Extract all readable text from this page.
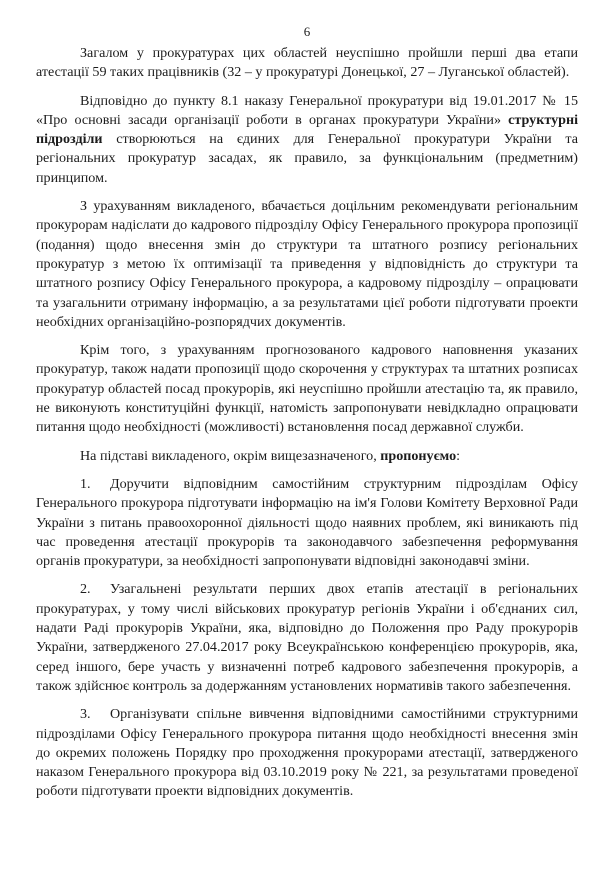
6

Загалом у прокуратурах цих областей неуспішно пройшли перші два етапи атестації 59 таких працівників (32 – у прокуратурі Донецької, 27 – Луганської областей).

Відповідно до пункту 8.1 наказу Генеральної прокуратури від 19.01.2017 № 15 «Про основні засади організації роботи в органах прокуратури України» структурні підрозділи створюються на єдиних для Генеральної прокуратури України та регіональних прокуратур засадах, як правило, за функціональним (предметним) принципом.

З урахуванням викладеного, вбачається доцільним рекомендувати регіональним прокурорам надіслати до кадрового підрозділу Офісу Генерального прокурора пропозиції (подання) щодо внесення змін до структури та штатного розпису регіональних прокуратур з метою їх оптимізації та приведення у відповідність до структури та штатного розпису Офісу Генерального прокурора, а кадровому підрозділу – опрацювати та узагальнити отриману інформацію, а за результатами цієї роботи підготувати проекти необхідних організаційно-розпорядчих документів.

Крім того, з урахуванням прогнозованого кадрового наповнення указаних прокуратур, також надати пропозиції щодо скорочення у структурах та штатних розписах прокуратур областей посад прокурорів, які неуспішно пройшли атестацію та, як правило, не виконують конституційні функції, натомість запропонувати невідкладно опрацювати питання щодо необхідності (можливості) встановлення посад державної служби.

На підставі викладеного, окрім вищезазначеного, пропонуємо:

1. Доручити відповідним самостійним структурним підрозділам Офісу Генерального прокурора підготувати інформацію на ім'я Голови Комітету Верховної Ради України з питань правоохоронної діяльності щодо наявних проблем, які виникають під час проведення атестації прокурорів та законодавчого забезпечення реформування органів прокуратури, за необхідності запропонувати відповідні законодавчі зміни.

2. Узагальнені результати перших двох етапів атестації в регіональних прокуратурах, у тому числі військових прокуратур регіонів України і об'єднаних сил, надати Раді прокурорів України, яка, відповідно до Положення про Раду прокурорів України, затвердженого 27.04.2017 року Всеукраїнською конференцією прокурорів, яка, серед іншого, бере участь у визначенні потреб кадрового забезпечення прокурорів, а також здійснює контроль за додержанням установлених нормативів такого забезпечення.

3. Організувати спільне вивчення відповідними самостійними структурними підрозділами Офісу Генерального прокурора питання щодо необхідності внесення змін до окремих положень Порядку про проходження прокурорами атестації, затвердженого наказом Генерального прокурора від 03.10.2019 року № 221, за результатами проведеної роботи підготувати проекти відповідних документів.
